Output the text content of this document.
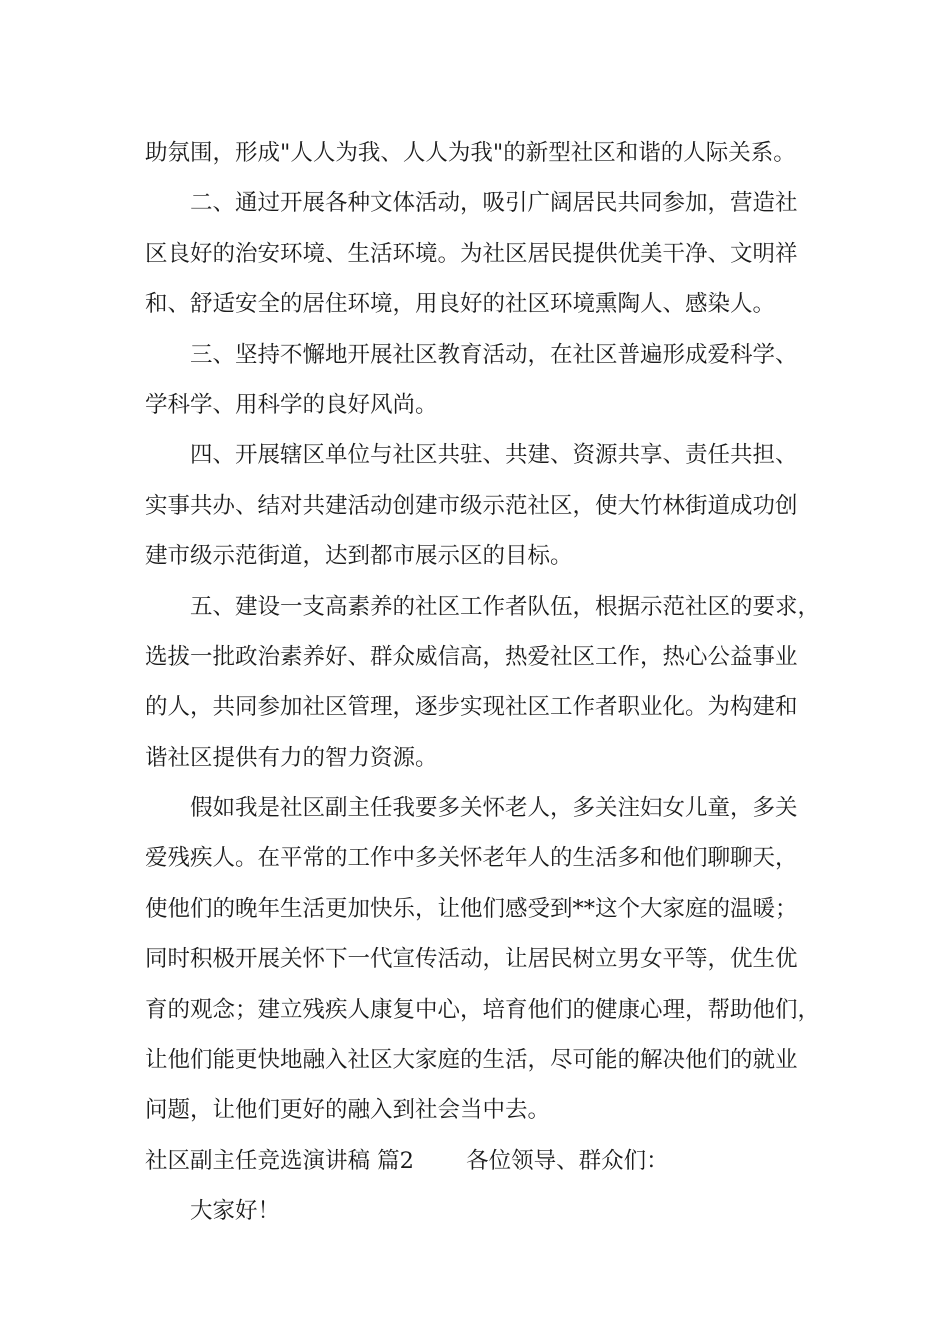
助氛围，形成"人人为我、人人为我"的新型社区和谐的人际关系。
二、通过开展各种文体活动，吸引广阔居民共同参加，营造社
区良好的治安环境、生活环境。为社区居民提供优美干净、文明祥
和、舒适安全的居住环境，用良好的社区环境熏陶人、感染人。
三、坚持不懈地开展社区教育活动，在社区普遍形成爱科学、
学科学、用科学的良好风尚。
四、开展辖区单位与社区共驻、共建、资源共享、责任共担、
实事共办、结对共建活动创建市级示范社区，使大竹林街道成功创
建市级示范街道，达到都市展示区的目标。
五、建设一支高素养的社区工作者队伍，根据示范社区的要求，
选拔一批政治素养好、群众威信高，热爱社区工作，热心公益事业
的人，共同参加社区管理，逐步实现社区工作者职业化。为构建和
谐社区提供有力的智力资源。
假如我是社区副主任我要多关怀老人，多关注妇女儿童，多关
爱残疾人。在平常的工作中多关怀老年人的生活多和他们聊聊天，
使他们的晚年生活更加快乐，让他们感受到**这个大家庭的温暖；
同时积极开展关怀下一代宣传活动，让居民树立男女平等，优生优
育的观念；建立残疾人康复中心，培育他们的健康心理，帮助他们，
让他们能更快地融入社区大家庭的生活，尽可能的解决他们的就业
问题，让他们更好的融入到社会当中去。
社区副主任竞选演讲稿 篇2　　 各位领导、群众们：
大家好！
